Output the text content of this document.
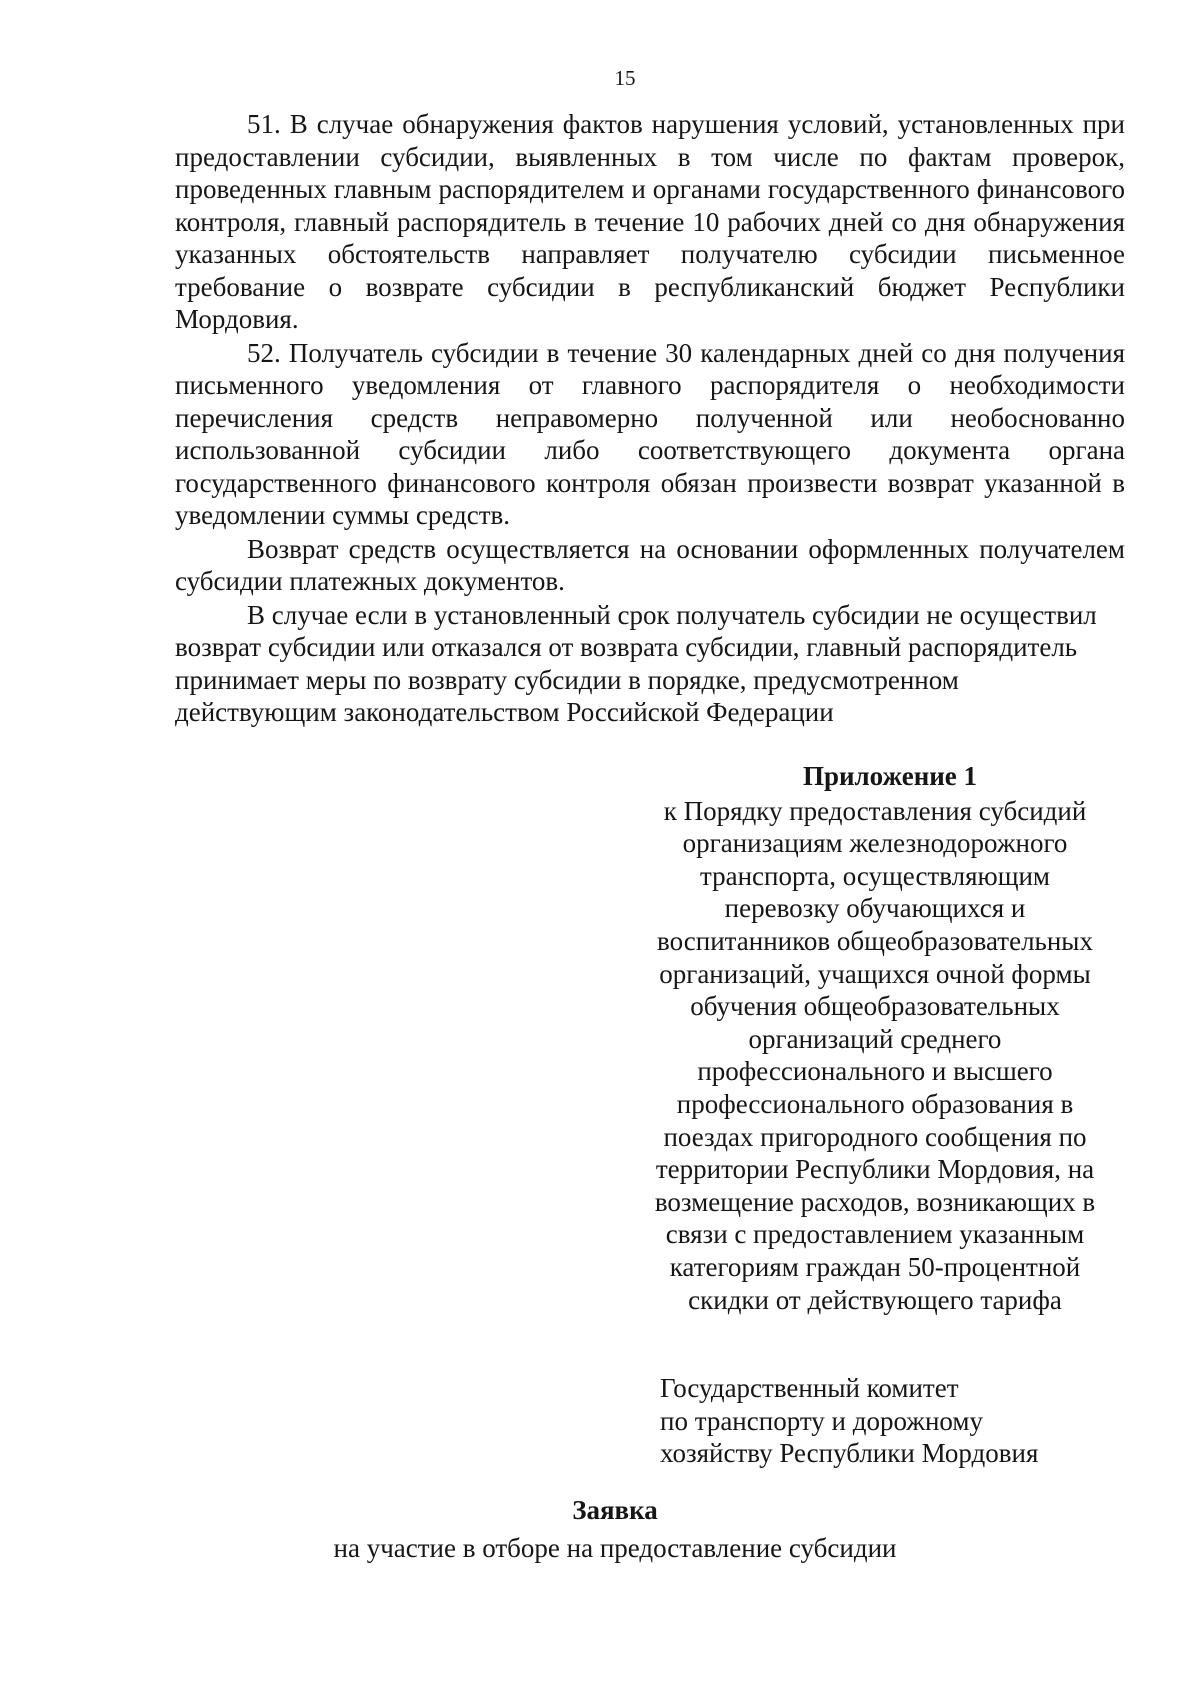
15

51. В случае обнаружения фактов нарушения условий, установленных при предоставлении субсидии, выявленных в том числе по фактам проверок, проведенных главным распорядителем и органами государственного финансового контроля, главный распорядитель в течение 10 рабочих дней со дня обнаружения указанных обстоятельств направляет получателю субсидии письменное требование о возврате субсидии в республиканский бюджет Республики Мордовия.

52. Получатель субсидии в течение 30 календарных дней со дня получения письменного уведомления от главного распорядителя о необходимости перечисления средств неправомерно полученной или необоснованно использованной субсидии либо соответствующего документа органа государственного финансового контроля обязан произвести возврат указанной в уведомлении суммы средств.

Возврат средств осуществляется на основании оформленных получателем субсидии платежных документов.

В случае если в установленный срок получатель субсидии не осуществил возврат субсидии или отказался от возврата субсидии, главный распорядитель принимает меры по возврату субсидии в порядке, предусмотренном действующим законодательством Российской Федерации

Приложение 1

к Порядку предоставления субсидий

организациям железнодорожного

транспорта, осуществляющим

перевозку обучающихся и

воспитанников общеобразовательных

организаций, учащихся очной формы

обучения общеобразовательных

организаций среднего

профессионального и высшего

профессионального образования в

поездах пригородного сообщения по

территории Республики Мордовия, на

возмещение расходов, возникающих в

связи с предоставлением указанным

категориям граждан 50-процентной

скидки от действующего тарифа

Государственный комитет

по транспорту и дорожному

хозяйству Республики Мордовия

Заявка

на участие в отборе на предоставление субсидии
